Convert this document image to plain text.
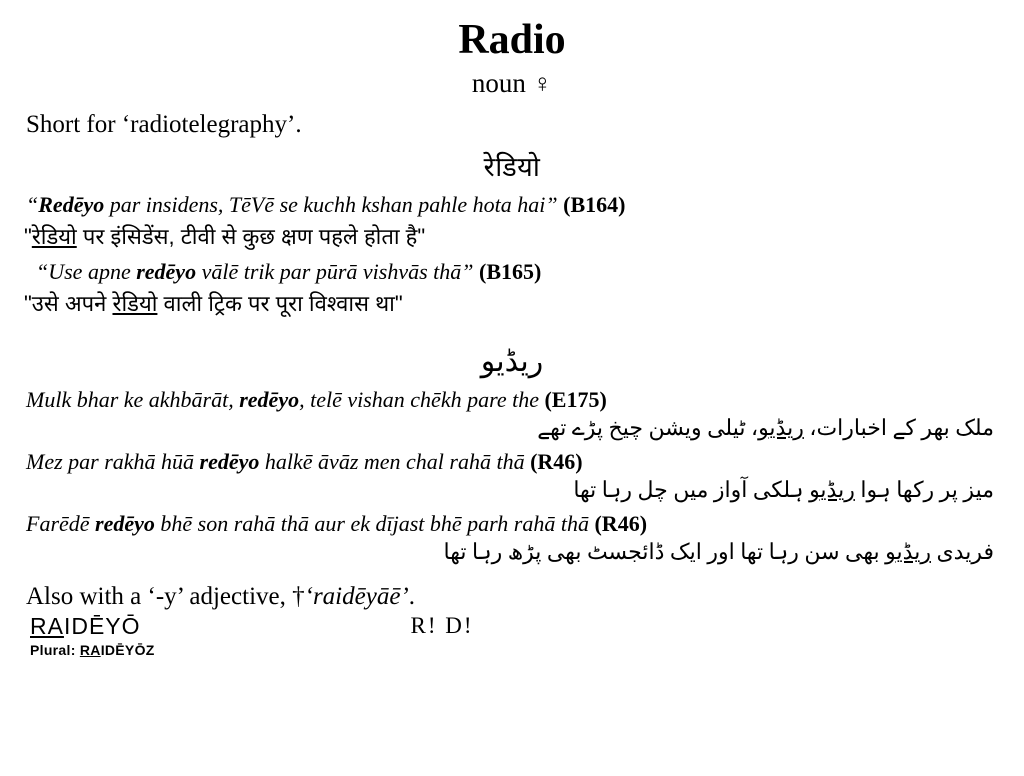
Radio
noun ♀
Short for ‘radiotelegraphy’.
रेडियो
“Redēyo par insidens, TēVē se kuchh kshan pahle hota hai” (B164)
"रेडियो पर इंसिडेंस, टीवी से कुछ क्षण पहले होता है"
“Use apne redēyo vālē trik par pūrā vishvās thā” (B165)
"उसे अपने रेडियो वाली ट्रिक पर पूरा विश्वास था"
ریڈیو
Mulk bhar ke akhbārāt, redēyo, telē vishan chēkh pare the (E175)
ملک بھر کے اخبارات، ریڈیو، ٹیلی ویشن چیخ پڑے تھے
Mez par rakhā hūā redēyo halkē āvāz men chal rahā thā (R46)
میز پر رکھا ہوا ریڈیو ہلکی آواز میں چل رہا تھا
Farēdē redēyo bhē son rahā thā aur ek dījast bhē parh rahā thā (R46)
فریدی ریڈیو بھی سن رہا تھا اور ایک ڈائجسٹ بھی پڑھ رہا تھا
Also with a ‘-y’ adjective, †‘raidēyāē’.
RAIDĒYŌ	R! D!
Plural: RAIDĒYŌZ
